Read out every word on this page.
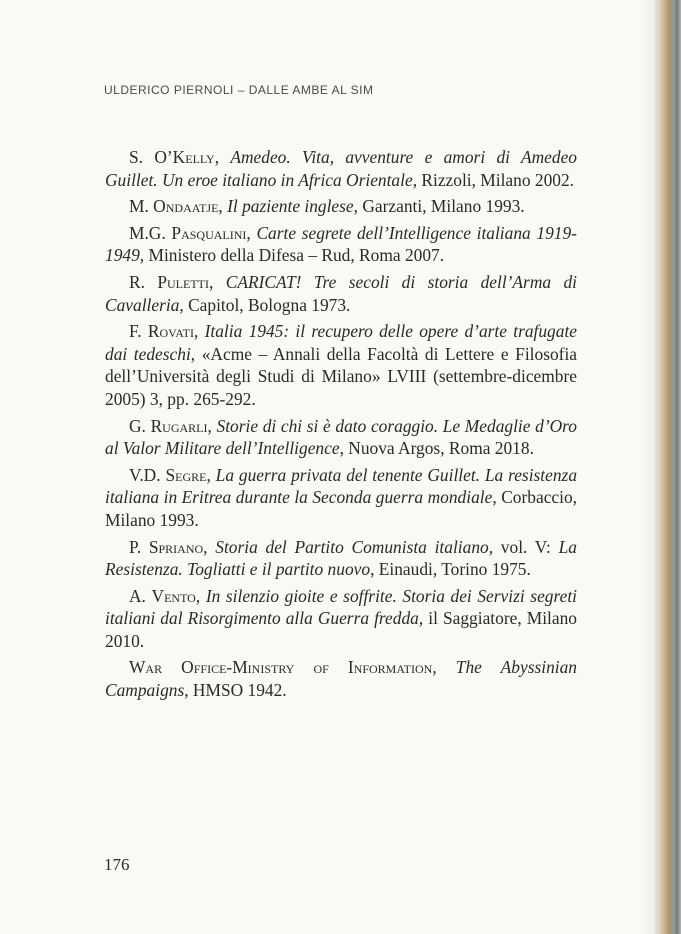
ULDERICO PIERNOLI – DALLE AMBE AL SIM

S. O’Kelly, Amedeo. Vita, avventure e amori di Amedeo Guillet. Un eroe italiano in Africa Orientale, Rizzoli, Milano 2002.

M. Ondaatje, Il paziente inglese, Garzanti, Milano 1993.

M.G. Pasqualini, Carte segrete dell’Intelligence italiana 1919-1949, Ministero della Difesa – Rud, Roma 2007.

R. Puletti, CARICAT! Tre secoli di storia dell’Arma di Cavalleria, Capitol, Bologna 1973.

F. Rovati, Italia 1945: il recupero delle opere d’arte trafugate dai tedeschi, «Acme – Annali della Facoltà di Lettere e Filosofia dell’Università degli Studi di Milano» LVIII (settembre-dicembre 2005) 3, pp. 265-292.

G. Rugarli, Storie di chi si è dato coraggio. Le Medaglie d’Oro al Valor Militare dell’Intelligence, Nuova Argos, Roma 2018.

V.D. Segre, La guerra privata del tenente Guillet. La resistenza italiana in Eritrea durante la Seconda guerra mondiale, Corbaccio, Milano 1993.

P. Spriano, Storia del Partito Comunista italiano, vol. V: La Resistenza. Togliatti e il partito nuovo, Einaudi, Torino 1975.

A. Vento, In silenzio gioite e soffrite. Storia dei Servizi segreti italiani dal Risorgimento alla Guerra fredda, il Saggiatore, Milano 2010.

War Office-Ministry of Information, The Abyssinian Campaigns, HMSO 1942.

176
